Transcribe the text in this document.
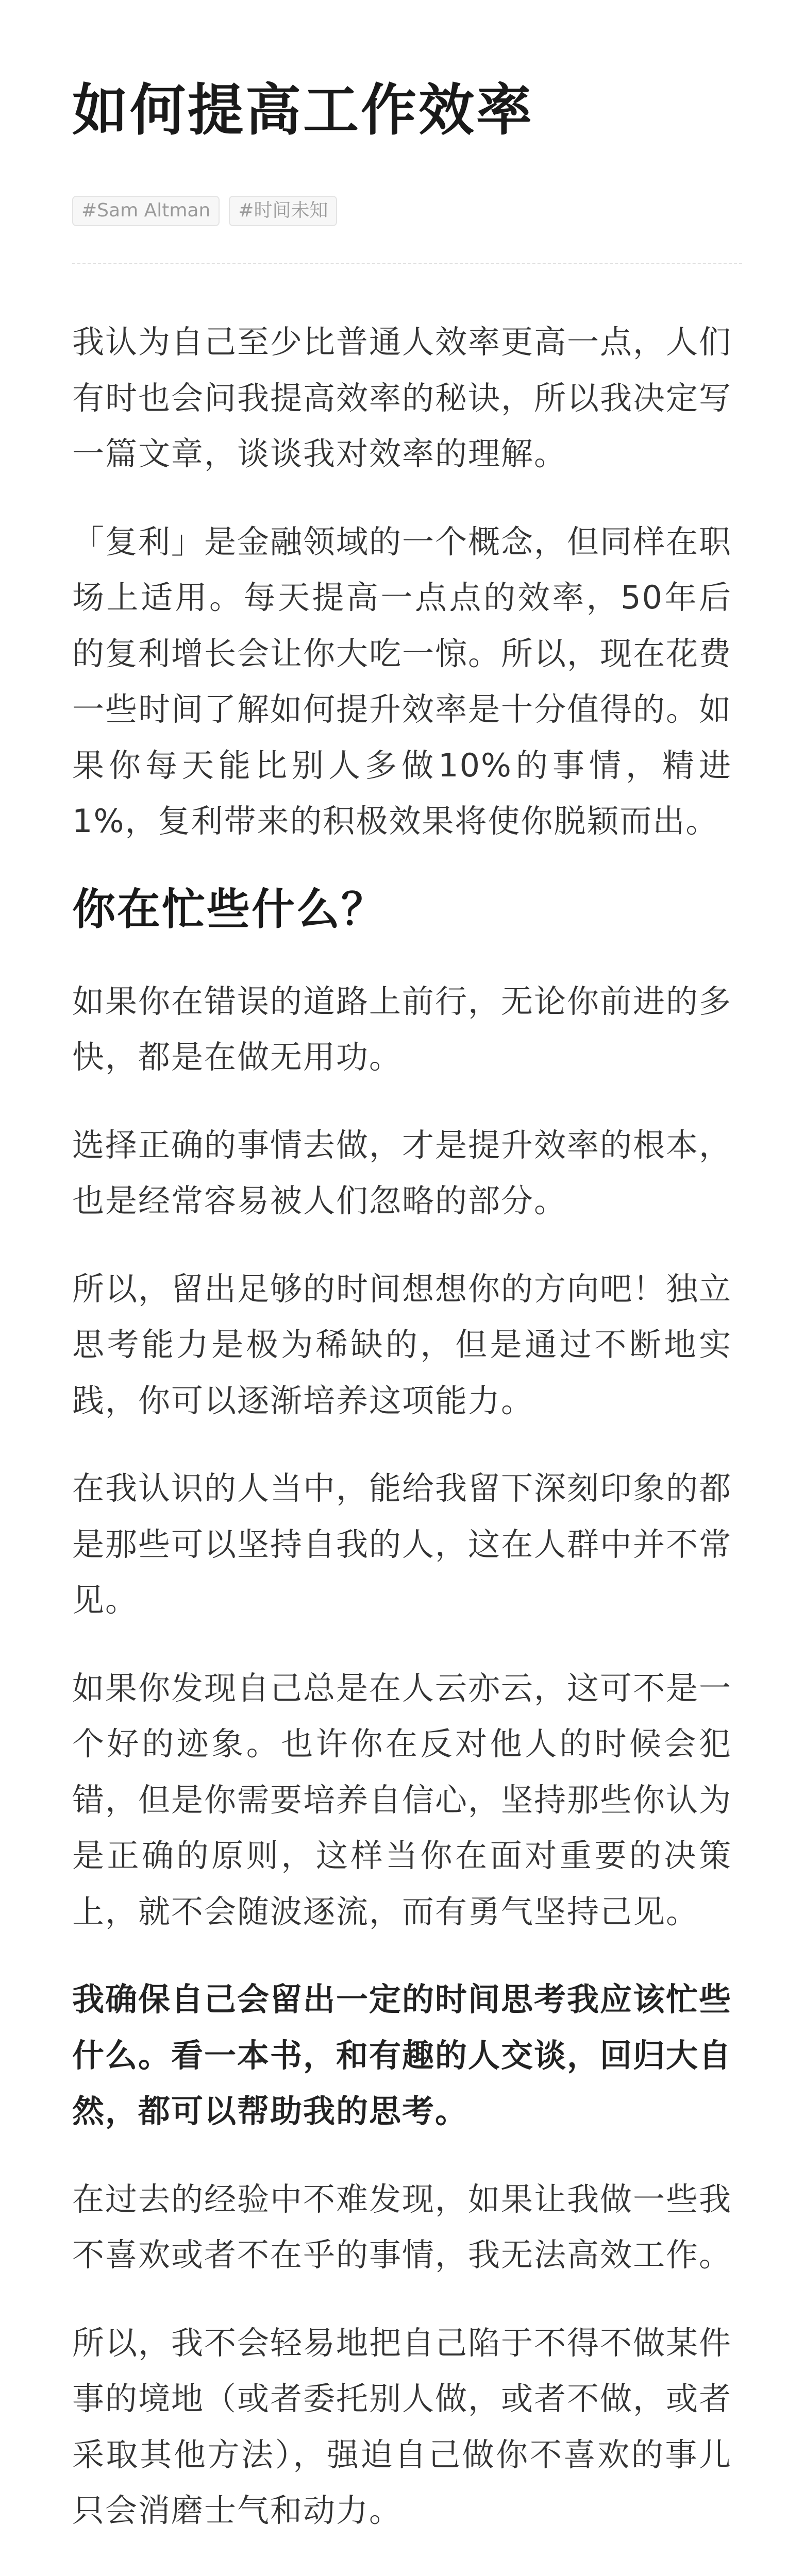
如何提高工作效率
#Sam Altman	#时间未知

我认为自己至少比普通人效率更高一点，人们有时也会问我提高效率的秘诀，所以我决定写一篇文章，谈谈我对效率的理解。

「复利」是金融领域的一个概念，但同样在职场上适用。每天提高一点点的效率，50年后的复利增长会让你大吃一惊。所以，现在花费一些时间了解如何提升效率是十分值得的。如果你每天能比别人多做10%的事情，精进1%，复利带来的积极效果将使你脱颖而出。

你在忙些什么？

如果你在错误的道路上前行，无论你前进的多快，都是在做无用功。

选择正确的事情去做，才是提升效率的根本，也是经常容易被人们忽略的部分。

所以，留出足够的时间想想你的方向吧！独立思考能力是极为稀缺的，但是通过不断地实践，你可以逐渐培养这项能力。

在我认识的人当中，能给我留下深刻印象的都是那些可以坚持自我的人，这在人群中并不常见。

如果你发现自己总是在人云亦云，这可不是一个好的迹象。也许你在反对他人的时候会犯错，但是你需要培养自信心，坚持那些你认为是正确的原则，这样当你在面对重要的决策上，就不会随波逐流，而有勇气坚持己见。

我确保自己会留出一定的时间思考我应该忙些什么。看一本书，和有趣的人交谈，回归大自然，都可以帮助我的思考。

在过去的经验中不难发现，如果让我做一些我不喜欢或者不在乎的事情，我无法高效工作。

所以，我不会轻易地把自己陷于不得不做某件事的境地（或者委托别人做，或者不做，或者采取其他方法），强迫自己做你不喜欢的事儿只会消磨士气和动力。
